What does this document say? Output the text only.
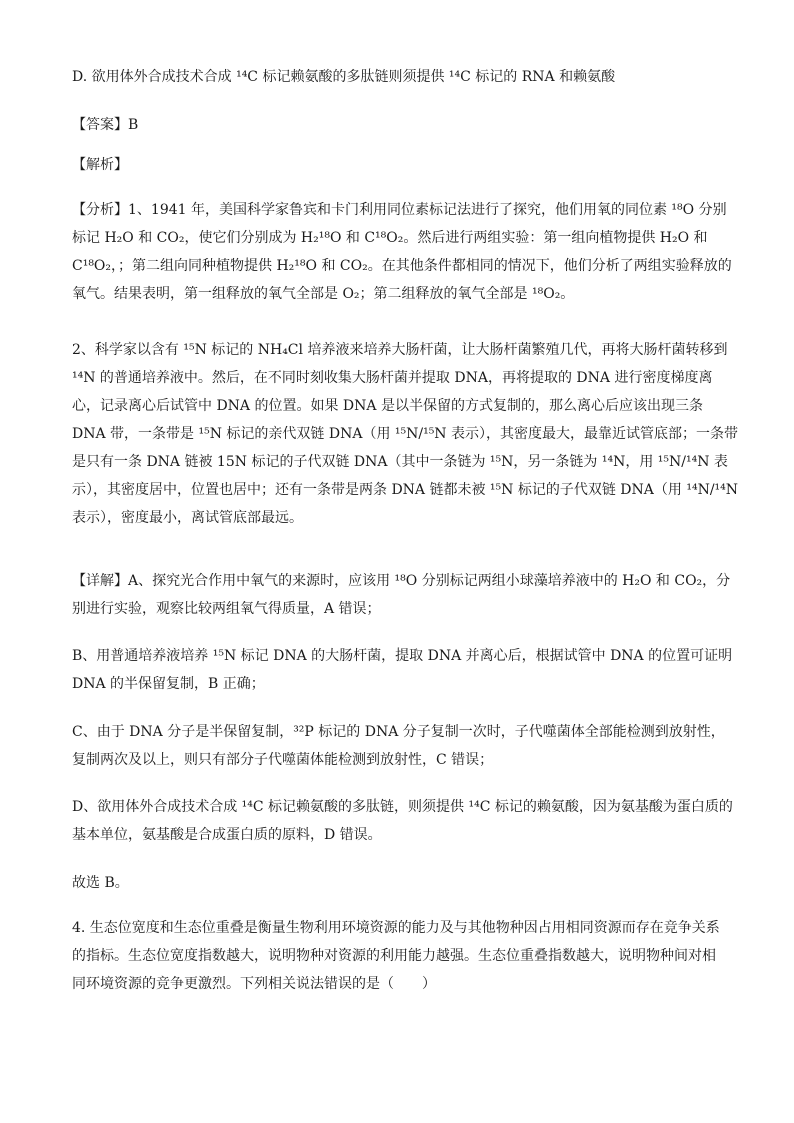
D. 欲用体外合成技术合成 ¹⁴C 标记赖氨酸的多肽链则须提供 ¹⁴C 标记的 RNA 和赖氨酸

【答案】B

【解析】

【分析】1、1941 年，美国科学家鲁宾和卡门利用同位素标记法进行了探究，他们用氧的同位素 ¹⁸O 分别
标记 H₂O 和 CO₂，使它们分别成为 H₂¹⁸O 和 C¹⁸O₂。然后进行两组实验：第一组向植物提供 H₂O 和
C¹⁸O₂，；第二组向同种植物提供 H₂¹⁸O 和 CO₂。在其他条件都相同的情况下，他们分析了两组实验释放的
氧气。结果表明，第一组释放的氧气全部是 O₂；第二组释放的氧气全部是 ¹⁸O₂。
2、科学家以含有 ¹⁵N 标记的 NH₄Cl 培养液来培养大肠杆菌，让大肠杆菌繁殖几代，再将大肠杆菌转移到
¹⁴N 的普通培养液中。然后，在不同时刻收集大肠杆菌并提取 DNA，再将提取的 DNA 进行密度梯度离
心，记录离心后试管中 DNA 的位置。如果 DNA 是以半保留的方式复制的，那么离心后应该出现三条
DNA 带，一条带是 ¹⁵N 标记的亲代双链 DNA（用 ¹⁵N/¹⁵N 表示），其密度最大，最靠近试管底部；一条带
是只有一条 DNA 链被 15N 标记的子代双链 DNA（其中一条链为 ¹⁵N，另一条链为 ¹⁴N，用 ¹⁵N/¹⁴N 表
示），其密度居中，位置也居中；还有一条带是两条 DNA 链都未被 ¹⁵N 标记的子代双链 DNA（用 ¹⁴N/¹⁴N
表示），密度最小，离试管底部最远。
【详解】A、探究光合作用中氧气的来源时，应该用 ¹⁸O 分别标记两组小球藻培养液中的 H₂O 和 CO₂，分
别进行实验，观察比较两组氧气得质量，A 错误；
B、用普通培养液培养 ¹⁵N 标记 DNA 的大肠杆菌，提取 DNA 并离心后，根据试管中 DNA 的位置可证明
DNA 的半保留复制，B 正确；
C、由于 DNA 分子是半保留复制，³²P 标记的 DNA 分子复制一次时，子代噬菌体全部能检测到放射性，
复制两次及以上，则只有部分子代噬菌体能检测到放射性，C 错误；
D、欲用体外合成技术合成 ¹⁴C 标记赖氨酸的多肽链，则须提供 ¹⁴C 标记的赖氨酸，因为氨基酸为蛋白质的
基本单位，氨基酸是合成蛋白质的原料，D 错误。

故选 B。

4. 生态位宽度和生态位重叠是衡量生物利用环境资源的能力及与其他物种因占用相同资源而存在竞争关系
的指标。生态位宽度指数越大，说明物种对资源的利用能力越强。生态位重叠指数越大，说明物种间对相
同环境资源的竞争更激烈。下列相关说法错误的是（　　）
